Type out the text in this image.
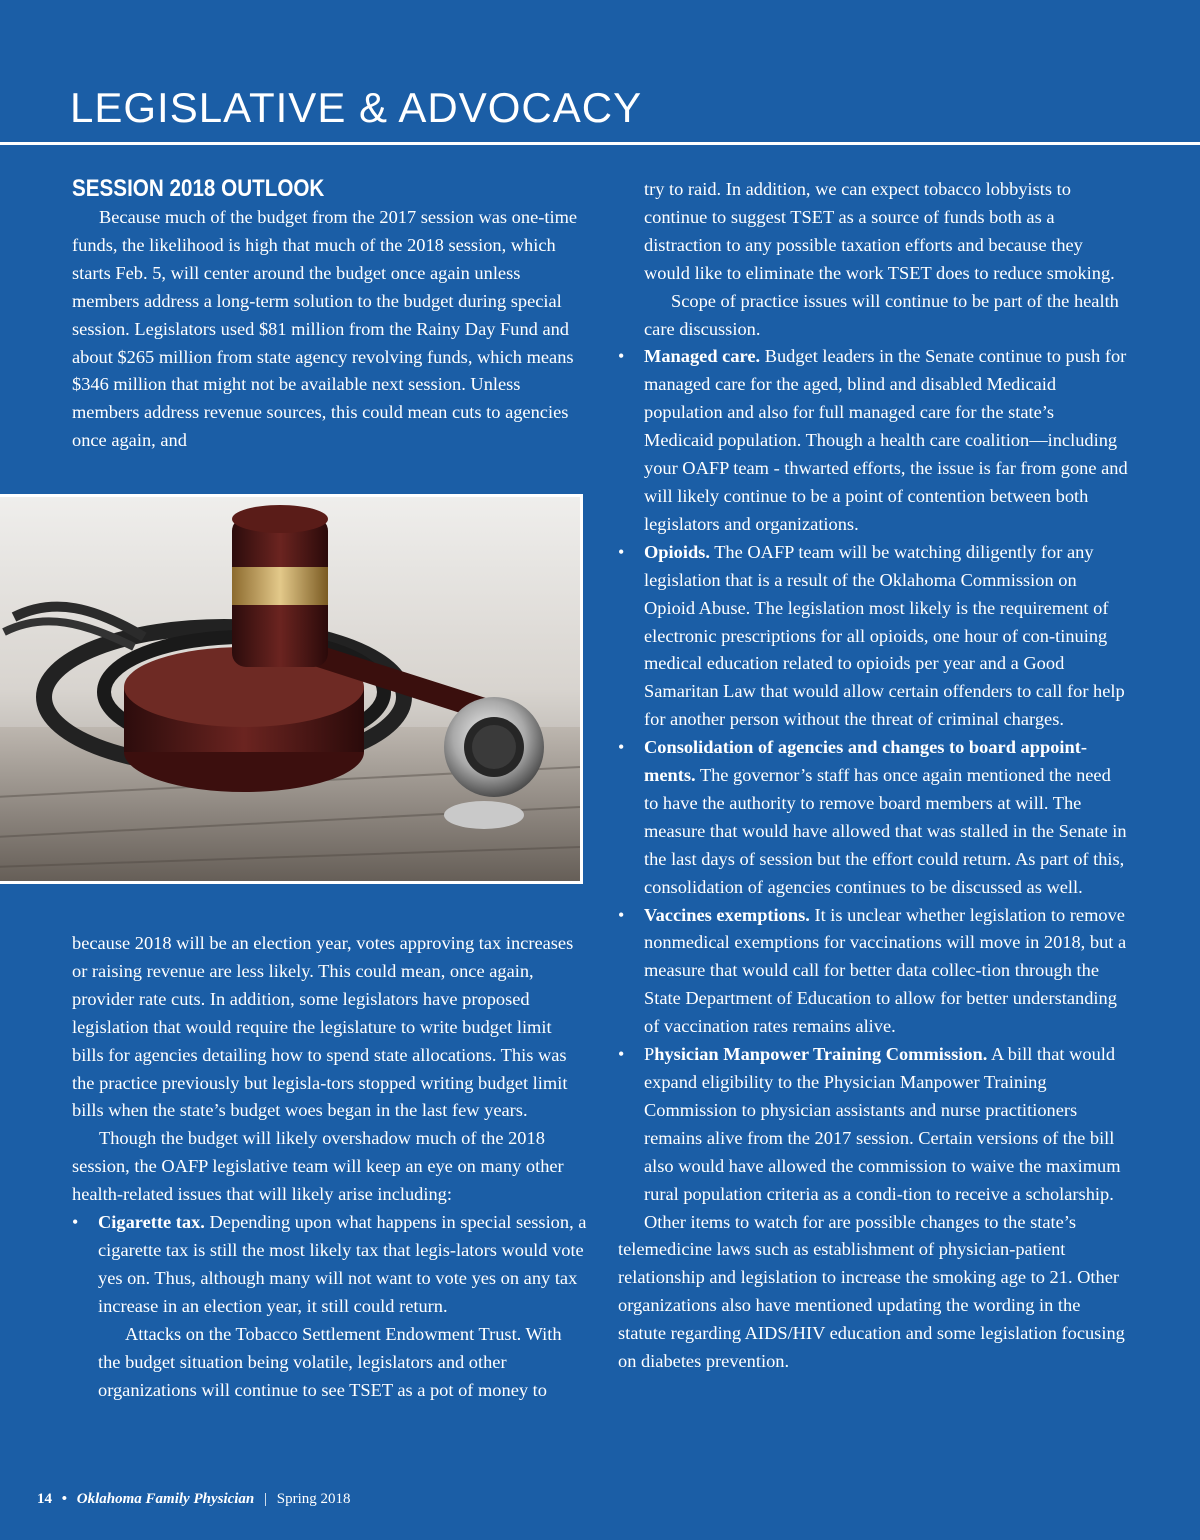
LEGISLATIVE & ADVOCACY
SESSION 2018 OUTLOOK

Because much of the budget from the 2017 session was one-time funds, the likelihood is high that much of the 2018 session, which starts Feb. 5, will center around the budget once again unless members address a long-term solution to the budget during special session. Legislators used $81 million from the Rainy Day Fund and about $265 million from state agency revolving funds, which means $346 million that might not be available next session. Unless members address revenue sources, this could mean cuts to agencies once again, and

because 2018 will be an election year, votes approving tax increases or raising revenue are less likely. This could mean, once again, provider rate cuts. In addition, some legislators have proposed legislation that would require the legislature to write budget limit bills for agencies detailing how to spend state allocations. This was the practice previously but legisla-tors stopped writing budget limit bills when the state’s budget woes began in the last few years.

Though the budget will likely overshadow much of the 2018 session, the OAFP legislative team will keep an eye on many other health-related issues that will likely arise including:

• Cigarette tax. Depending upon what happens in special session, a cigarette tax is still the most likely tax that legis-lators would vote yes on. Thus, although many will not want to vote yes on any tax increase in an election year, it still could return.

Attacks on the Tobacco Settlement Endowment Trust. With the budget situation being volatile, legislators and other organizations will continue to see TSET as a pot of money to

try to raid. In addition, we can expect tobacco lobbyists to continue to suggest TSET as a source of funds both as a distraction to any possible taxation efforts and because they would like to eliminate the work TSET does to reduce smoking.

Scope of practice issues will continue to be part of the health care discussion.

• Managed care. Budget leaders in the Senate continue to push for managed care for the aged, blind and disabled Medicaid population and also for full managed care for the state’s Medicaid population. Though a health care coalition—including your OAFP team - thwarted efforts, the issue is far from gone and will likely continue to be a point of contention between both legislators and organizations.
• Opioids. The OAFP team will be watching diligently for any legislation that is a result of the Oklahoma Commission on Opioid Abuse. The legislation most likely is the requirement of electronic prescriptions for all opioids, one hour of con-tinuing medical education related to opioids per year and a Good Samaritan Law that would allow certain offenders to call for help for another person without the threat of criminal charges.
• Consolidation of agencies and changes to board appoint-ments. The governor’s staff has once again mentioned the need to have the authority to remove board members at will. The measure that would have allowed that was stalled in the Senate in the last days of session but the effort could return. As part of this, consolidation of agencies continues to be discussed as well.
• Vaccines exemptions. It is unclear whether legislation to remove nonmedical exemptions for vaccinations will move in 2018, but a measure that would call for better data collec-tion through the State Department of Education to allow for better understanding of vaccination rates remains alive.
• Physician Manpower Training Commission. A bill that would expand eligibility to the Physician Manpower Training Commission to physician assistants and nurse practitioners remains alive from the 2017 session. Certain versions of the bill also would have allowed the commission to waive the maximum rural population criteria as a condi-tion to receive a scholarship.

Other items to watch for are possible changes to the state’s telemedicine laws such as establishment of physician-patient relationship and legislation to increase the smoking age to 21. Other organizations also have mentioned updating the wording in the statute regarding AIDS/HIV education and some legislation focusing on diabetes prevention.

14 • Oklahoma Family Physician | Spring 2018
